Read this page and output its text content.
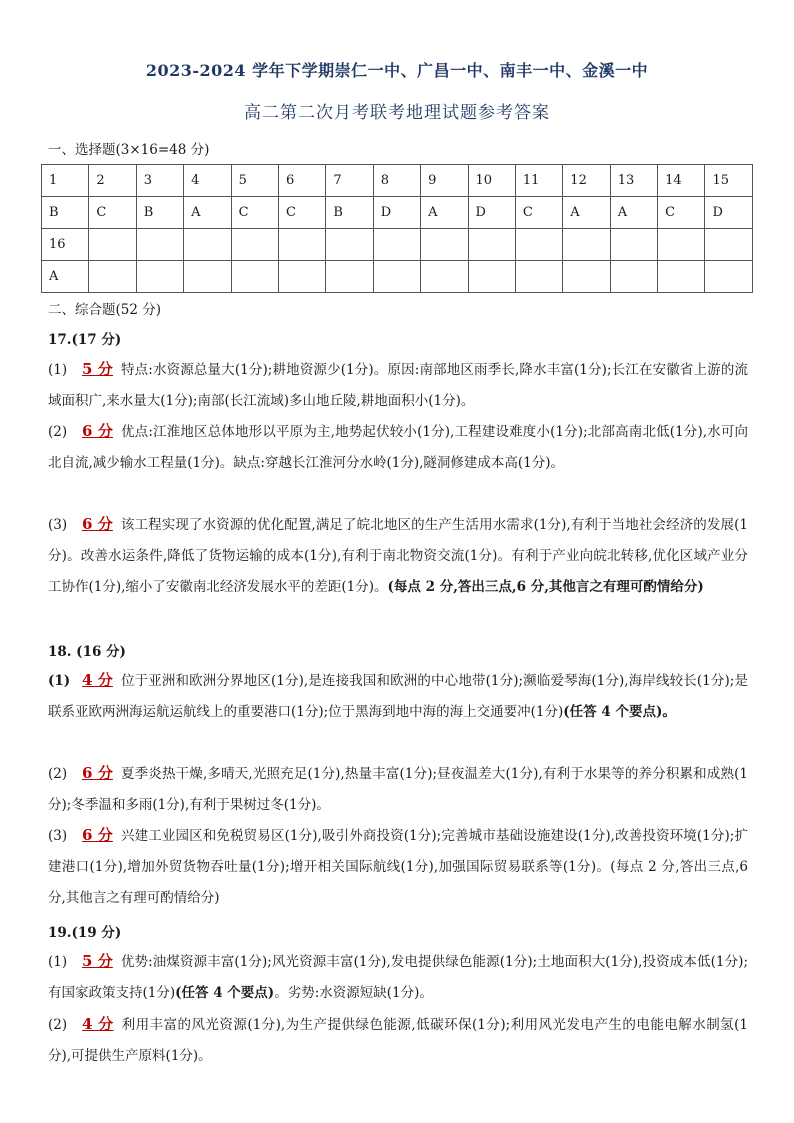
2023-2024 学年下学期崇仁一中、广昌一中、南丰一中、金溪一中
高二第二次月考联考地理试题参考答案
一、选择题(3×16=48 分)
1	2	3	4	5	6	7	8	9	10	11	12	13	14	15
B	C	B	A	C	C	B	D	A	D	C	A	A	C	D
16														
A														
二、综合题(52 分)
17.(17 分)
(1) 5 分 特点:水资源总量大(1分);耕地资源少(1分)。原因:南部地区雨季长,降水丰富(1分);长江在安徽省上游的流域面积广,来水量大(1分);南部(长江流域)多山地丘陵,耕地面积小(1分)。
(2) 6 分 优点:江淮地区总体地形以平原为主,地势起伏较小(1分),工程建设难度小(1分);北部高南北低(1分),水可向北自流,减少输水工程量(1分)。缺点:穿越长江淮河分水岭(1分),隧洞修建成本高(1分)。
(3) 6 分 该工程实现了水资源的优化配置,满足了皖北地区的生产生活用水需求(1分),有利于当地社会经济的发展(1分)。改善水运条件,降低了货物运输的成本(1分),有利于南北物资交流(1分)。有利于产业向皖北转移,优化区域产业分工协作(1分),缩小了安徽南北经济发展水平的差距(1分)。(每点 2 分,答出三点,6 分,其他言之有理可酌情给分)
18. (16 分)
(1) 4 分 位于亚洲和欧洲分界地区(1分),是连接我国和欧洲的中心地带(1分);濒临爱琴海(1分),海岸线较长(1分);是联系亚欧两洲海运航运航线上的重要港口(1分);位于黑海到地中海的海上交通要冲(1分)(任答 4 个要点)。
(2) 6 分 夏季炎热干燥,多晴天,光照充足(1分),热量丰富(1分);昼夜温差大(1分),有利于水果等的养分积累和成熟(1分);冬季温和多雨(1分),有利于果树过冬(1分)。
(3) 6 分 兴建工业园区和免税贸易区(1分),吸引外商投资(1分);完善城市基础设施建设(1分),改善投资环境(1分);扩建港口(1分),增加外贸货物吞吐量(1分);增开相关国际航线(1分),加强国际贸易联系等(1分)。(每点 2 分,答出三点,6 分,其他言之有理可酌情给分)
19.(19 分)
(1) 5 分 优势:油煤资源丰富(1分);风光资源丰富(1分),发电提供绿色能源(1分);土地面积大(1分),投资成本低(1分);有国家政策支持(1分)(任答 4 个要点)。劣势:水资源短缺(1分)。
(2) 4 分 利用丰富的风光资源(1分),为生产提供绿色能源,低碳环保(1分);利用风光发电产生的电能电解水制氢(1分),可提供生产原料(1分)。
